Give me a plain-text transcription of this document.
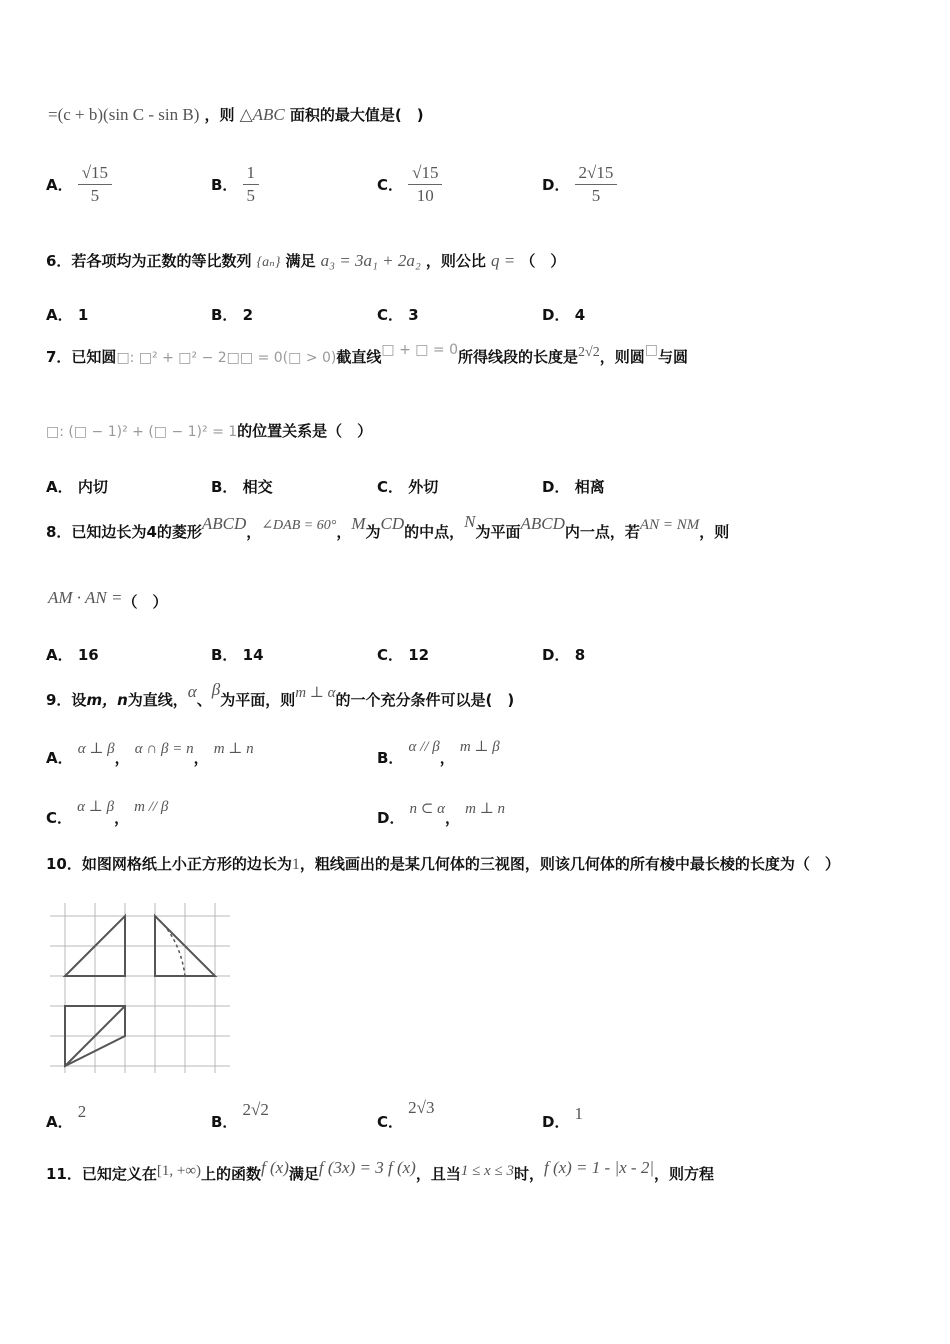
=(c + b)(sin C - sin B) ，则 △ABC 面积的最大值是(　)
A． $\frac{√15}{5}$	B． $\frac{1}{5}$	C． $\frac{√15}{10}$	D． $\frac{2√15}{5}$
6．若各项均为正数的等比数列 {aₙ} 满足 a₃ = 3a₁ + 2a₂ ，则公比 q = （　）
A． 1	B． 2	C． 3	D． 4
7．已知圆□: □² + □² − 2□□ = 0(□ > 0)截直线□ + □ = 0所得线段的长度是2√2，则圆□与圆
□: (□ − 1)² + (□ − 1)² = 1的位置关系是（　）
A． 内切	B． 相交	C． 外切	D． 相离
8．已知边长为4的菱形ABCD，∠DAB = 60°，M为CD的中点，N为平面ABCD内一点，若AN = NM，则
AM · AN =（　）
A． 16	B． 14	C． 12	D． 8
9．设m，n为直线，α、β为平面，则m ⊥ α的一个充分条件可以是(　)
A． α ⊥ β， α ∩ β = n， m ⊥ n	B． α // β， m ⊥ β
C． α ⊥ β， m // β
D． n ⊂ α， m ⊥ n
10．如图网格纸上小正方形的边长为1，粗线画出的是某几何体的三视图，则该几何体的所有棱中最长棱的长度为（　）
A． 2
B． 2√2
C． 2√3
D． 1
11．已知定义在[1, +∞)上的函数f (x)满足f (3x) = 3 f (x)，且当1 ≤ x ≤ 3时，f (x) = 1 - |x - 2|，则方程
